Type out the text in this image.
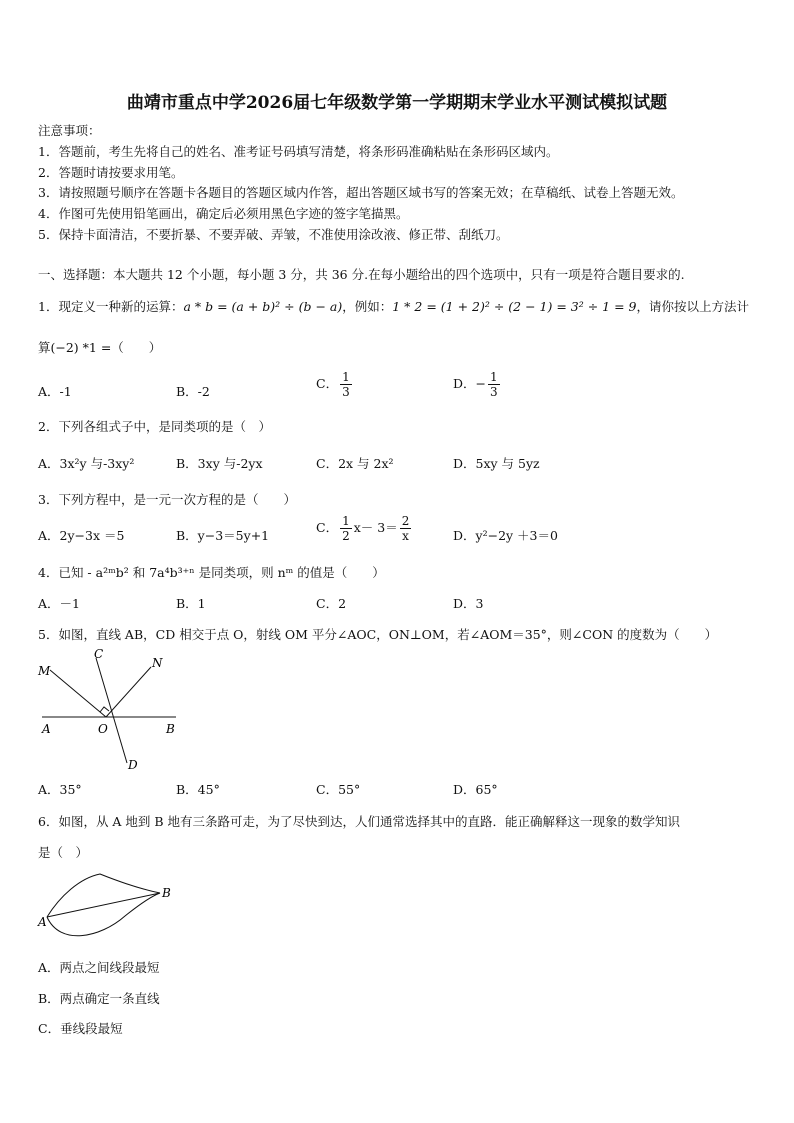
曲靖市重点中学2026届七年级数学第一学期期末学业水平测试模拟试题
注意事项：
1．答题前，考生先将自己的姓名、准考证号码填写清楚，将条形码准确粘贴在条形码区域内。
2．答题时请按要求用笔。
3．请按照题号顺序在答题卡各题目的答题区域内作答，超出答题区域书写的答案无效；在草稿纸、试卷上答题无效。
4．作图可先使用铅笔画出，确定后必须用黑色字迹的签字笔描黑。
5．保持卡面清洁，不要折暴、不要弄破、弄皱，不准使用涂改液、修正带、刮纸刀。
一、选择题：本大题共 12 个小题，每小题 3 分，共 36 分.在每小题给出的四个选项中，只有一项是符合题目要求的.
1．现定义一种新的运算：a * b = (a + b)² ÷ (b − a)，例如：1 * 2 = (1 + 2)² ÷ (2 − 1) = 3² ÷ 1 = 9，请你按以上方法计
算(−2) *1 =（　　）
A．-1	B．-2
C． $\frac{1}{3}$	D．− $\frac{1}{3}$
2．下列各组式子中，是同类项的是（　）
A．3x²y 与-3xy²	B．3xy 与-2yx	C．2x 与 2x²	D．5xy 与 5yz
3．下列方程中，是一元一次方程的是（　　）
A．2y−3x ＝5	B．y−3＝5y+1
C． $\frac{1}{2} x- 3= \frac{2}{x}$	D．y²−2y ＋3＝0
4．已知 - a²ᵐb² 和 7a⁴b³⁺ⁿ 是同类项，则 nᵐ 的值是（　　）
A．－1	B．1	C．2	D．3
5．如图，直线 AB，CD 相交于点 O，射线 OM 平分∠AOC，ON⊥OM，若∠AOM＝35°，则∠CON 的度数为（　　）
M
C
N
A	O	B
D
A．35°	B．45°	C．55°	D．65°
6．如图，从 A 地到 B 地有三条路可走，为了尽快到达，人们通常选择其中的直路．能正确解释这一现象的数学知识
是（　）
A
B
A．两点之间线段最短
B．两点确定一条直线
C．垂线段最短
